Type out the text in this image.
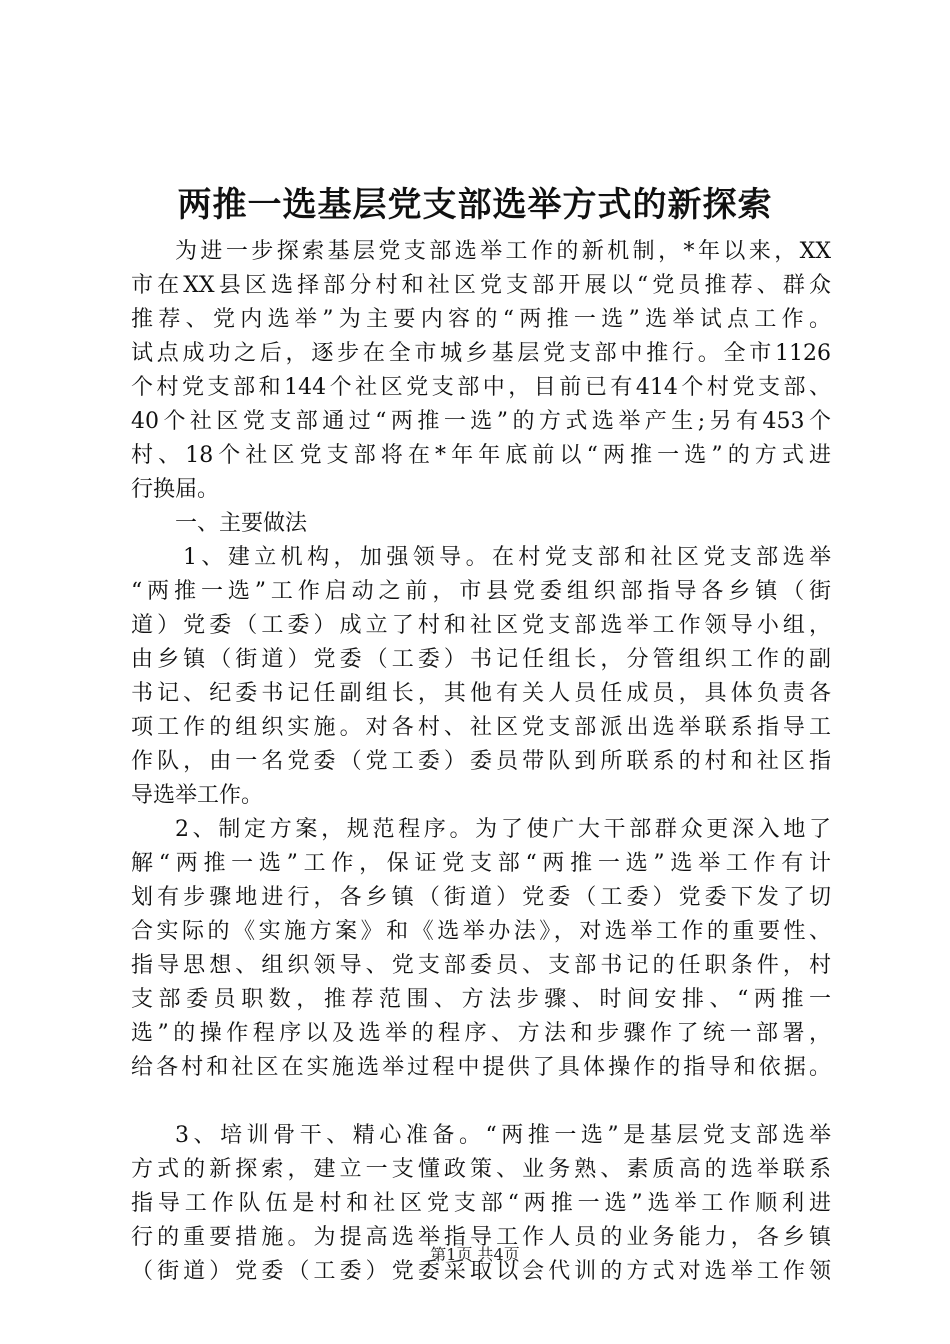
两推一选基层党支部选举方式的新探索
为进一步探索基层党支部选举工作的新机制，*年以来，XX
市在XX县区选择部分村和社区党支部开展以“党员推荐、群众
推荐、党内选举”为主要内容的“两推一选”选举试点工作。
试点成功之后，逐步在全市城乡基层党支部中推行。全市1126
个村党支部和144个社区党支部中，目前已有414个村党支部、
40个社区党支部通过“两推一选”的方式选举产生;另有453个
村、18个社区党支部将在*年年底前以“两推一选”的方式进
行换届。
一、主要做法
1、建立机构，加强领导。在村党支部和社区党支部选举
“两推一选”工作启动之前，市县党委组织部指导各乡镇（街
道）党委（工委）成立了村和社区党支部选举工作领导小组，
由乡镇（街道）党委（工委）书记任组长，分管组织工作的副
书记、纪委书记任副组长，其他有关人员任成员，具体负责各
项工作的组织实施。对各村、社区党支部派出选举联系指导工
作队，由一名党委（党工委）委员带队到所联系的村和社区指
导选举工作。
2、制定方案，规范程序。为了使广大干部群众更深入地了
解“两推一选”工作，保证党支部“两推一选”选举工作有计
划有步骤地进行，各乡镇（街道）党委（工委）党委下发了切
合实际的《实施方案》和《选举办法》，对选举工作的重要性、
指导思想、组织领导、党支部委员、支部书记的任职条件，村
支部委员职数，推荐范围、方法步骤、时间安排、“两推一
选”的操作程序以及选举的程序、方法和步骤作了统一部署，
给各村和社区在实施选举过程中提供了具体操作的指导和依据。
3、培训骨干、精心准备。“两推一选”是基层党支部选举
方式的新探索，建立一支懂政策、业务熟、素质高的选举联系
指导工作队伍是村和社区党支部“两推一选”选举工作顺利进
行的重要措施。为提高选举指导工作人员的业务能力，各乡镇
（街道）党委（工委）党委采取以会代训的方式对选举工作领
第1页 共4页
